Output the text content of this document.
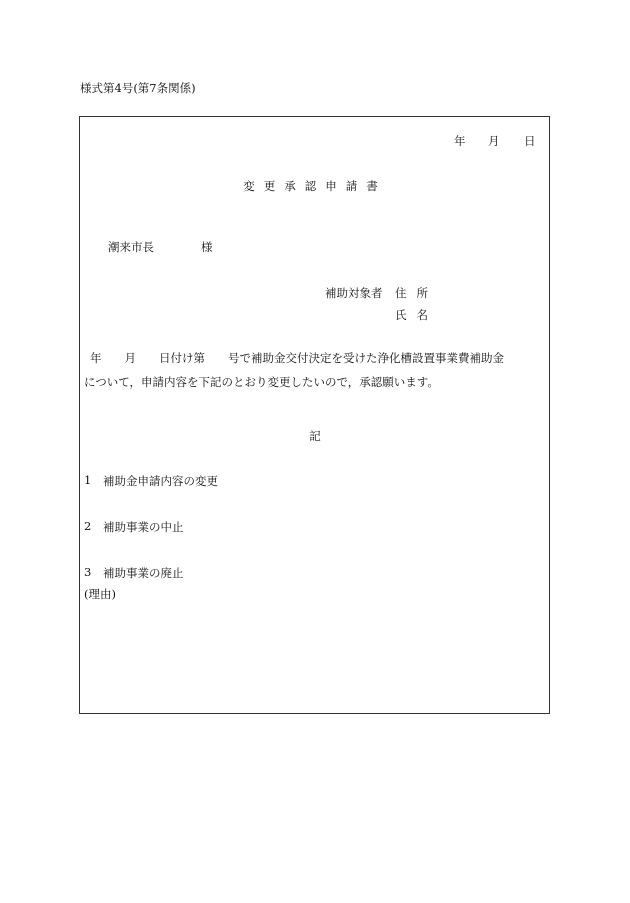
様式第4号(第7条関係)
年 月 日
変更承認申請書
潮来市長	様
補助対象者 住所
氏名
年　　月　　日付け第　　号で補助金交付決定を受けた浄化槽設置事業費補助金
について，申請内容を下記のとおり変更したいので，承認願います。
記
1 補助金申請内容の変更
2 補助事業の中止
3 補助事業の廃止
(理由)
